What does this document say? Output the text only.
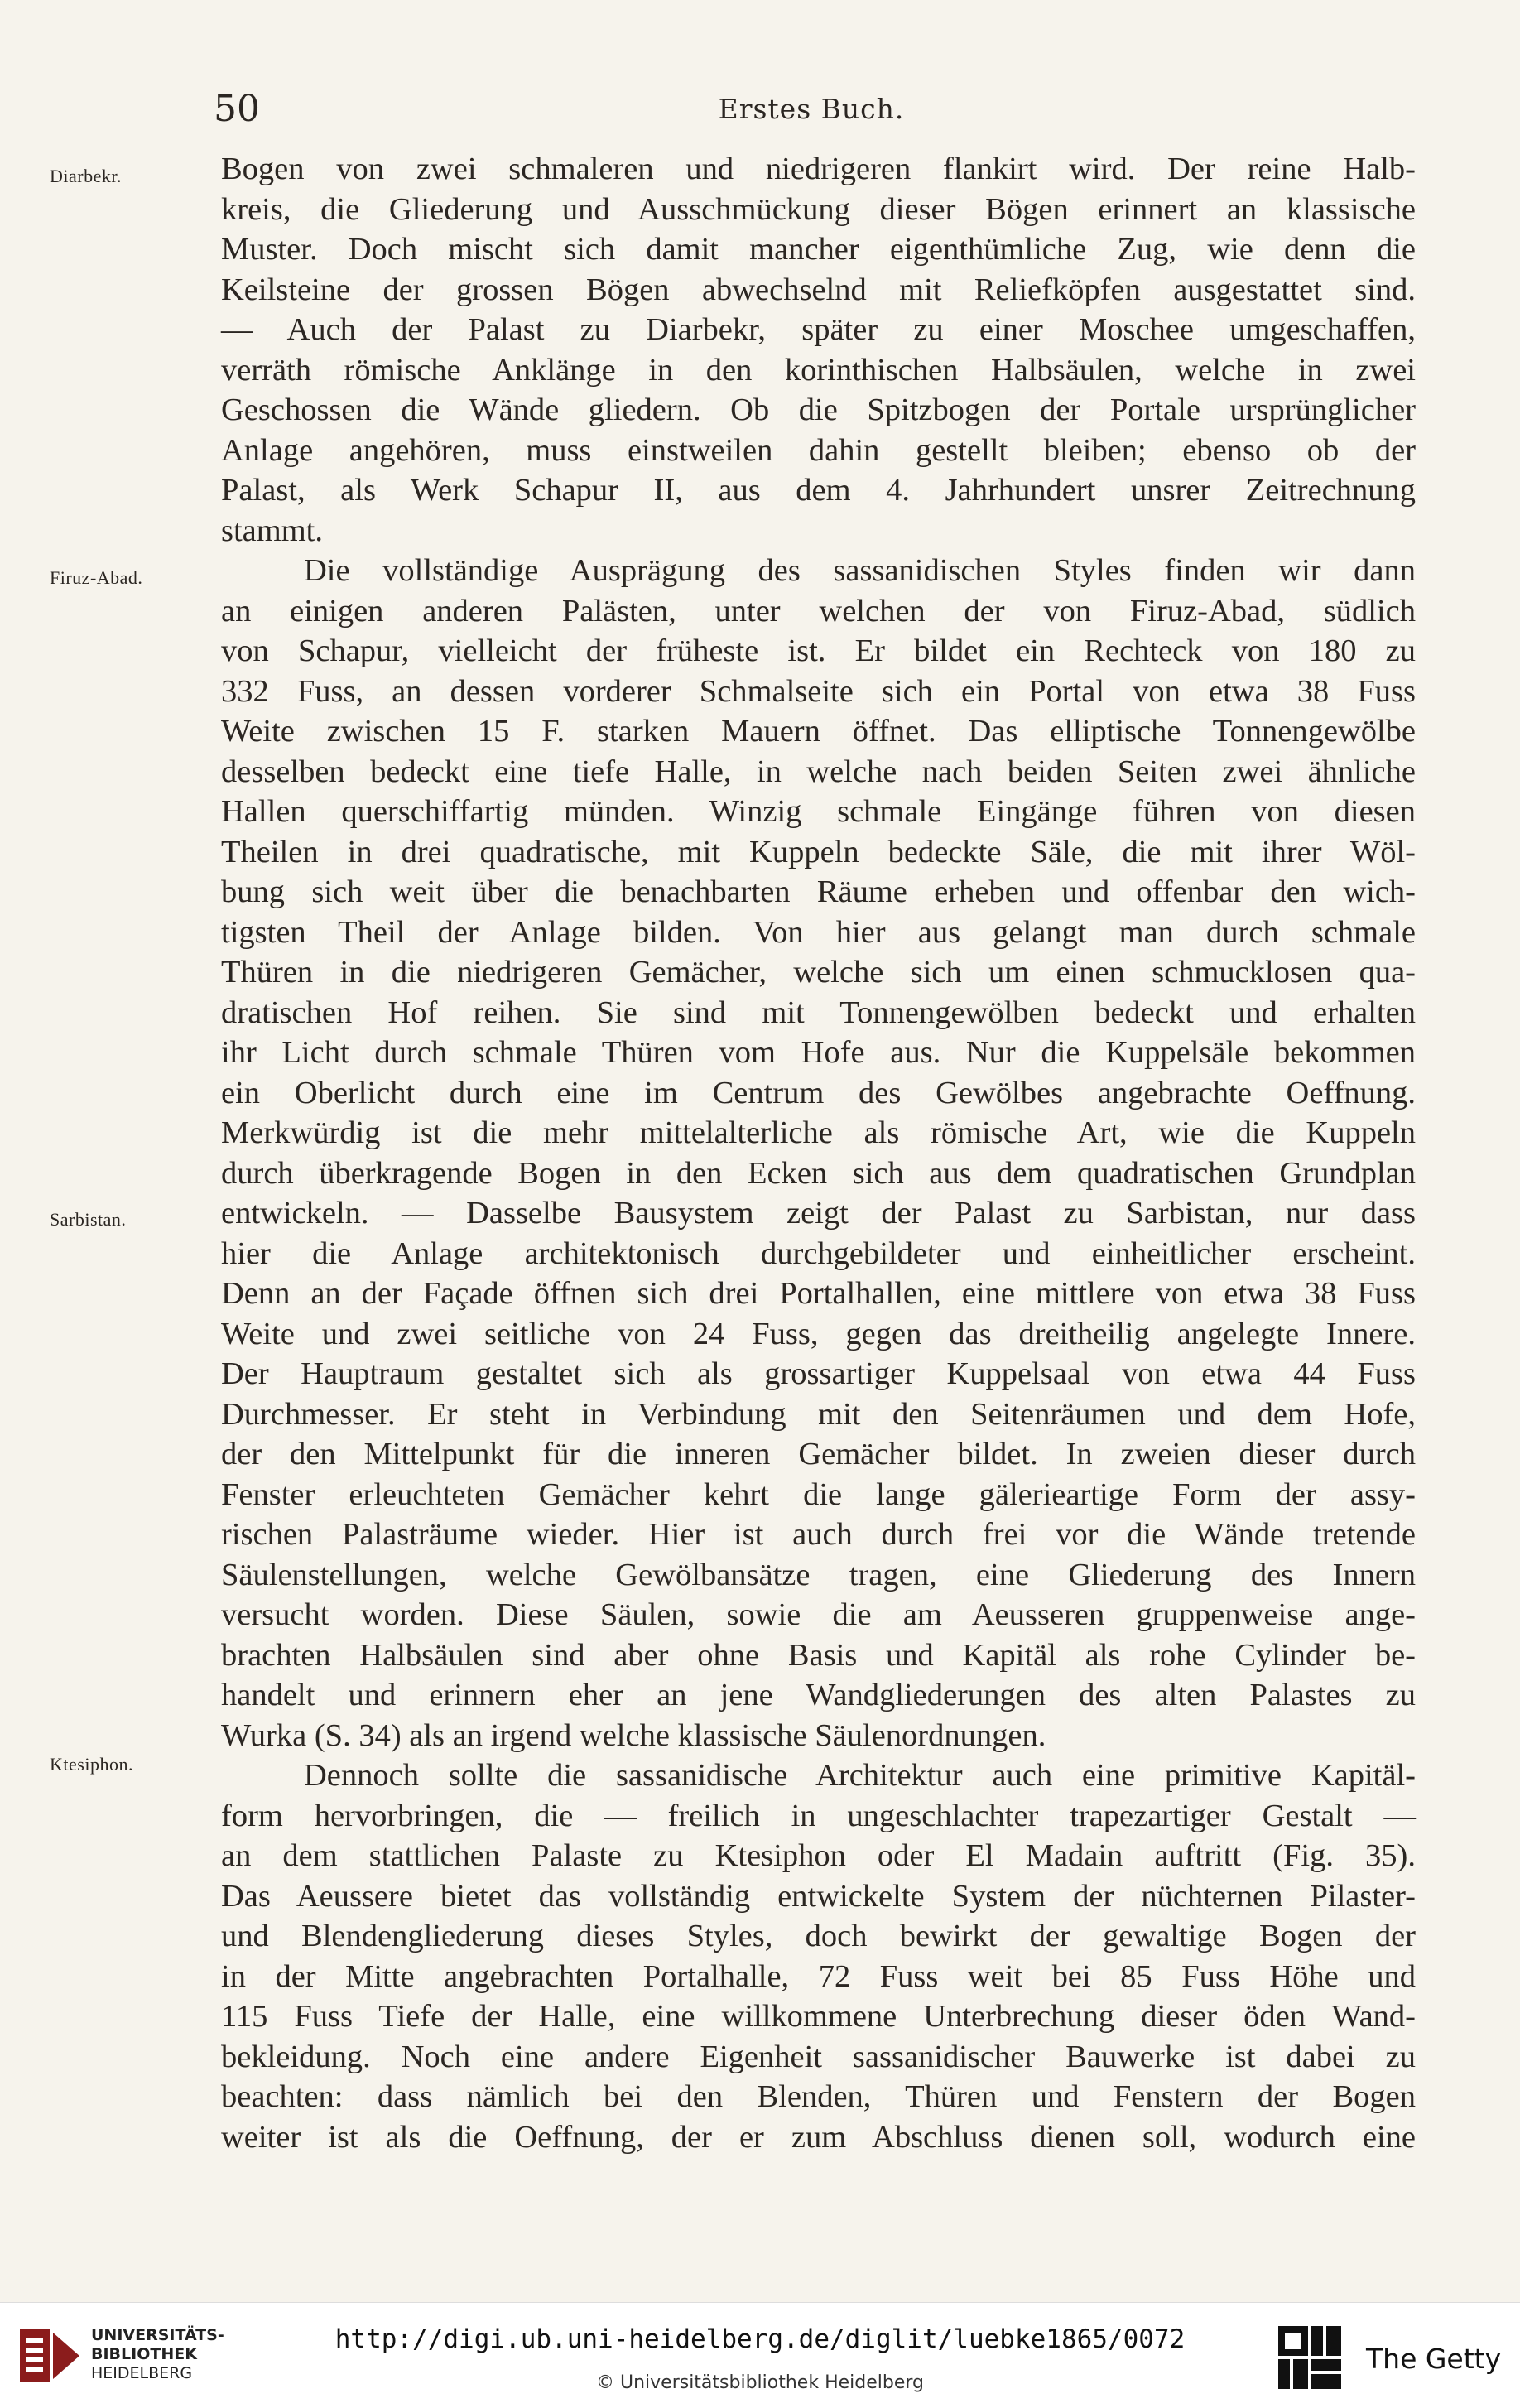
50	Erstes Buch.
Diarbekr.
Firuz-Abad.
Sarbistan.
Ktesiphon.
Bogen von zwei schmaleren und niedrigeren flankirt wird. Der reine Halb-
kreis, die Gliederung und Ausschmückung dieser Bögen erinnert an klassische
Muster. Doch mischt sich damit mancher eigenthümliche Zug, wie denn die
Keilsteine der grossen Bögen abwechselnd mit Reliefköpfen ausgestattet sind.
— Auch der Palast zu Diarbekr, später zu einer Moschee umgeschaffen,
verräth römische Anklänge in den korinthischen Halbsäulen, welche in zwei
Geschossen die Wände gliedern. Ob die Spitzbogen der Portale ursprünglicher
Anlage angehören, muss einstweilen dahin gestellt bleiben; ebenso ob der
Palast, als Werk Schapur II, aus dem 4. Jahrhundert unsrer Zeitrechnung
stammt.
Die vollständige Ausprägung des sassanidischen Styles finden wir dann
an einigen anderen Palästen, unter welchen der von Firuz-Abad, südlich
von Schapur, vielleicht der früheste ist. Er bildet ein Rechteck von 180 zu
332 Fuss, an dessen vorderer Schmalseite sich ein Portal von etwa 38 Fuss
Weite zwischen 15 F. starken Mauern öffnet. Das elliptische Tonnengewölbe
desselben bedeckt eine tiefe Halle, in welche nach beiden Seiten zwei ähnliche
Hallen querschiffartig münden. Winzig schmale Eingänge führen von diesen
Theilen in drei quadratische, mit Kuppeln bedeckte Säle, die mit ihrer Wöl-
bung sich weit über die benachbarten Räume erheben und offenbar den wich-
tigsten Theil der Anlage bilden. Von hier aus gelangt man durch schmale
Thüren in die niedrigeren Gemächer, welche sich um einen schmucklosen qua-
dratischen Hof reihen. Sie sind mit Tonnengewölben bedeckt und erhalten
ihr Licht durch schmale Thüren vom Hofe aus. Nur die Kuppelsäle bekommen
ein Oberlicht durch eine im Centrum des Gewölbes angebrachte Oeffnung.
Merkwürdig ist die mehr mittelalterliche als römische Art, wie die Kuppeln
durch überkragende Bogen in den Ecken sich aus dem quadratischen Grundplan
entwickeln. — Dasselbe Bausystem zeigt der Palast zu Sarbistan, nur dass
hier die Anlage architektonisch durchgebildeter und einheitlicher erscheint.
Denn an der Façade öffnen sich drei Portalhallen, eine mittlere von etwa 38 Fuss
Weite und zwei seitliche von 24 Fuss, gegen das dreitheilig angelegte Innere.
Der Hauptraum gestaltet sich als grossartiger Kuppelsaal von etwa 44 Fuss
Durchmesser. Er steht in Verbindung mit den Seitenräumen und dem Hofe,
der den Mittelpunkt für die inneren Gemächer bildet. In zweien dieser durch
Fenster erleuchteten Gemächer kehrt die lange gälerieartige Form der assy-
rischen Palasträume wieder. Hier ist auch durch frei vor die Wände tretende
Säulenstellungen, welche Gewölbansätze tragen, eine Gliederung des Innern
versucht worden. Diese Säulen, sowie die am Aeusseren gruppenweise ange-
brachten Halbsäulen sind aber ohne Basis und Kapitäl als rohe Cylinder be-
handelt und erinnern eher an jene Wandgliederungen des alten Palastes zu
Wurka (S. 34) als an irgend welche klassische Säulenordnungen.
Dennoch sollte die sassanidische Architektur auch eine primitive Kapitäl-
form hervorbringen, die — freilich in ungeschlachter trapezartiger Gestalt —
an dem stattlichen Palaste zu Ktesiphon oder El Madain auftritt (Fig. 35).
Das Aeussere bietet das vollständig entwickelte System der nüchternen Pilaster-
und Blendengliederung dieses Styles, doch bewirkt der gewaltige Bogen der
in der Mitte angebrachten Portalhalle, 72 Fuss weit bei 85 Fuss Höhe und
115 Fuss Tiefe der Halle, eine willkommene Unterbrechung dieser öden Wand-
bekleidung. Noch eine andere Eigenheit sassanidischer Bauwerke ist dabei zu
beachten: dass nämlich bei den Blenden, Thüren und Fenstern der Bogen
weiter ist als die Oeffnung, der er zum Abschluss dienen soll, wodurch eine
UNIVERSITÄTS-
BIBLIOTHEK
HEIDELBERG
http://digi.ub.uni-heidelberg.de/diglit/luebke1865/0072
© Universitätsbibliothek Heidelberg
The Getty
